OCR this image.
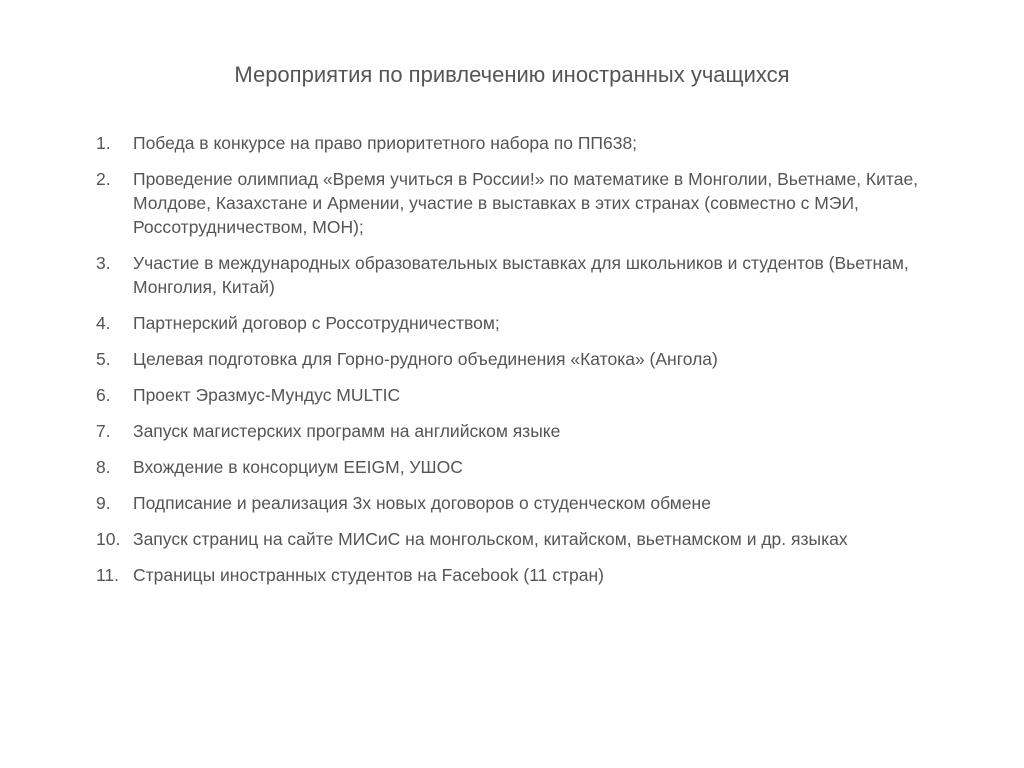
Мероприятия по привлечению иностранных учащихся
1.	Победа в конкурсе на право приоритетного набора по ПП638;
2.	Проведение олимпиад «Время учиться в России!» по математике в Монголии, Вьетнаме, Китае, Молдове, Казахстане и Армении, участие в выставках в этих странах (совместно с МЭИ, Россотрудничеством, МОН);
3.	Участие в международных образовательных выставках для школьников и студентов (Вьетнам, Монголия, Китай)
4.	Партнерский договор с Россотрудничеством;
5.	Целевая подготовка для Горно-рудного объединения «Катока» (Ангола)
6.	Проект Эразмус-Мундус MULTIC
7.	Запуск магистерских программ на английском языке
8.	Вхождение в консорциум EEIGM, УШОС
9.	Подписание и реализация 3х новых договоров о студенческом обмене
10. Запуск страниц на сайте МИСиС на монгольском, китайском, вьетнамском и др. языках
11. Страницы иностранных студентов на Facebook (11 стран)
